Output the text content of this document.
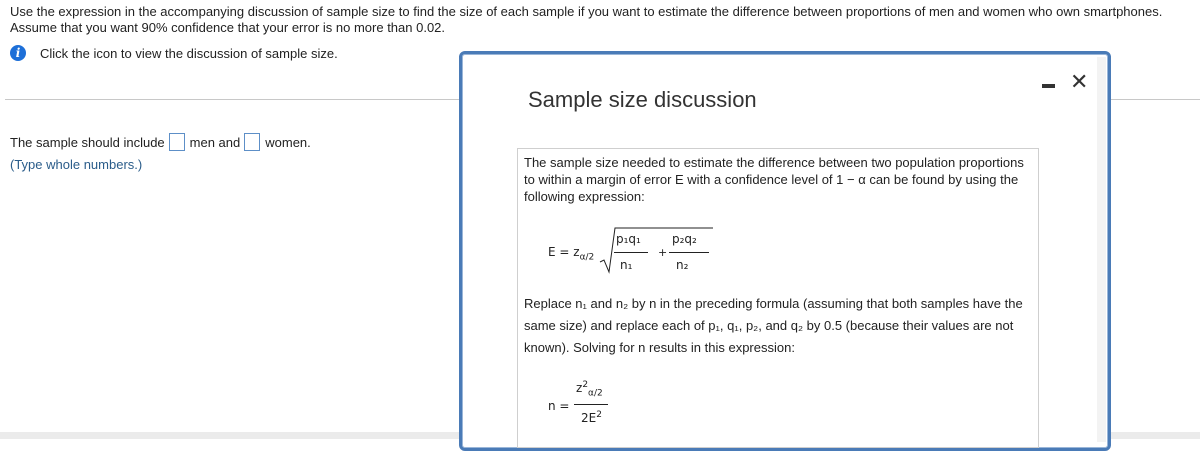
Use the expression in the accompanying discussion of sample size to find the size of each sample if you want to estimate the difference between proportions of men and women who own smartphones. Assume that you want 90% confidence that your error is no more than 0.02.
i	Click the icon to view the discussion of sample size.
The sample should include men and women.
(Type whole numbers.)
Sample size discussion
✕
The sample size needed to estimate the difference between two population proportions to within a margin of error E with a confidence level of 1 − α can be found by using the following expression:
$E = z_{\alpha/2}$
p₁q₁
n₁
+
p₂q₂
n₂
Replace n₁ and n₂ by n in the preceding formula (assuming that both samples have the same size) and replace each of p₁, q₁, p₂, and q₂ by 0.5 (because their values are not known). Solving for n results in this expression:
n =
$z^2_{\alpha/2}$
$2E^2$
